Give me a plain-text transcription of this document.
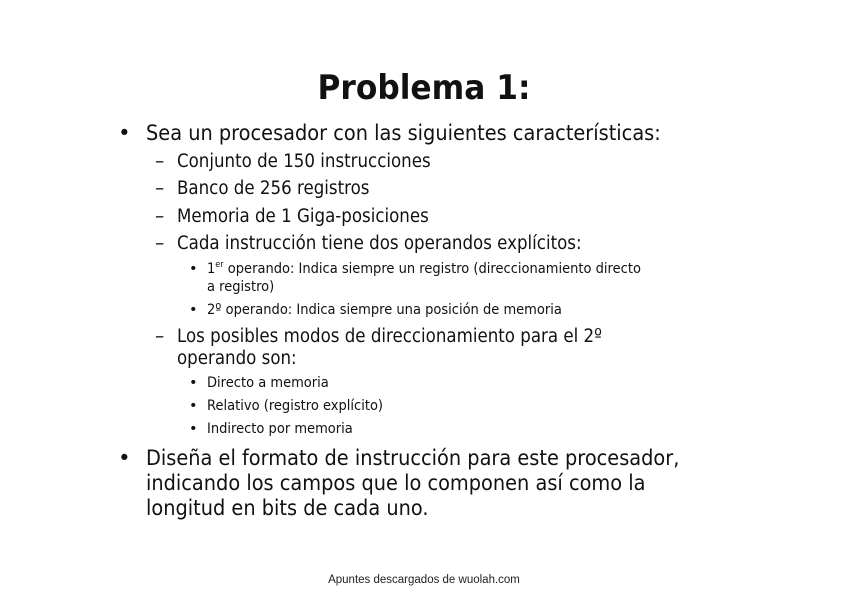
Problema 1:
• Sea un procesador con las siguientes características:
– Conjunto de 150 instrucciones
– Banco de 256 registros
– Memoria de 1 Giga-posiciones
– Cada instrucción tiene dos operandos explícitos:
• 1er operando: Indica siempre un registro (direccionamiento directo
a registro)
• 2º operando: Indica siempre una posición de memoria
– Los posibles modos de direccionamiento para el 2º
operando son:
• Directo a memoria
• Relativo (registro explícito)
• Indirecto por memoria
• Diseña el formato de instrucción para este procesador,
indicando los campos que lo componen así como la
longitud en bits de cada uno.
Apuntes descargados de wuolah.com
